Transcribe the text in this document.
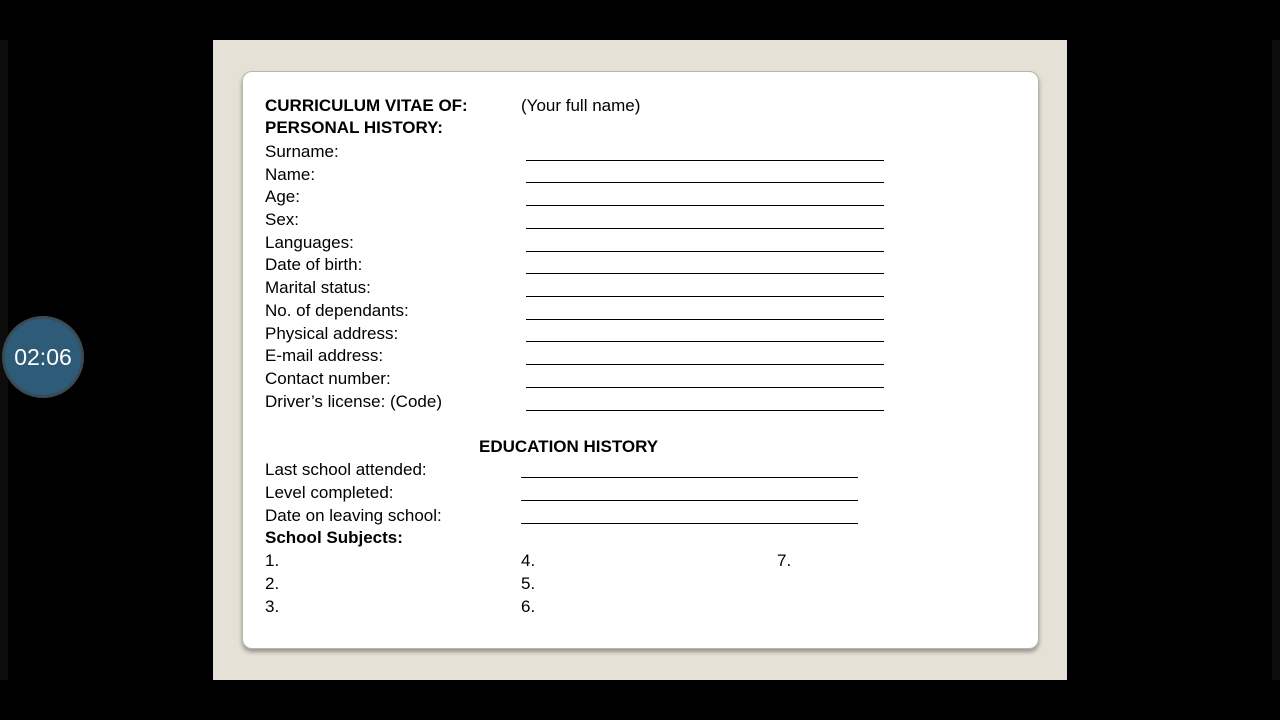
CURRICULUM VITAE OF:	(Your full name)
PERSONAL HISTORY:
Surname:
Name:
Age:
Sex:
Languages:
Date of birth:
Marital status:
No. of dependants:
Physical address:
E-mail address:
Contact number:
Driver’s license: (Code)
EDUCATION HISTORY
Last school attended:
Level completed:
Date on leaving school:
School Subjects:
1.
2.
3.
4.
5.
6.
7.
02:06
